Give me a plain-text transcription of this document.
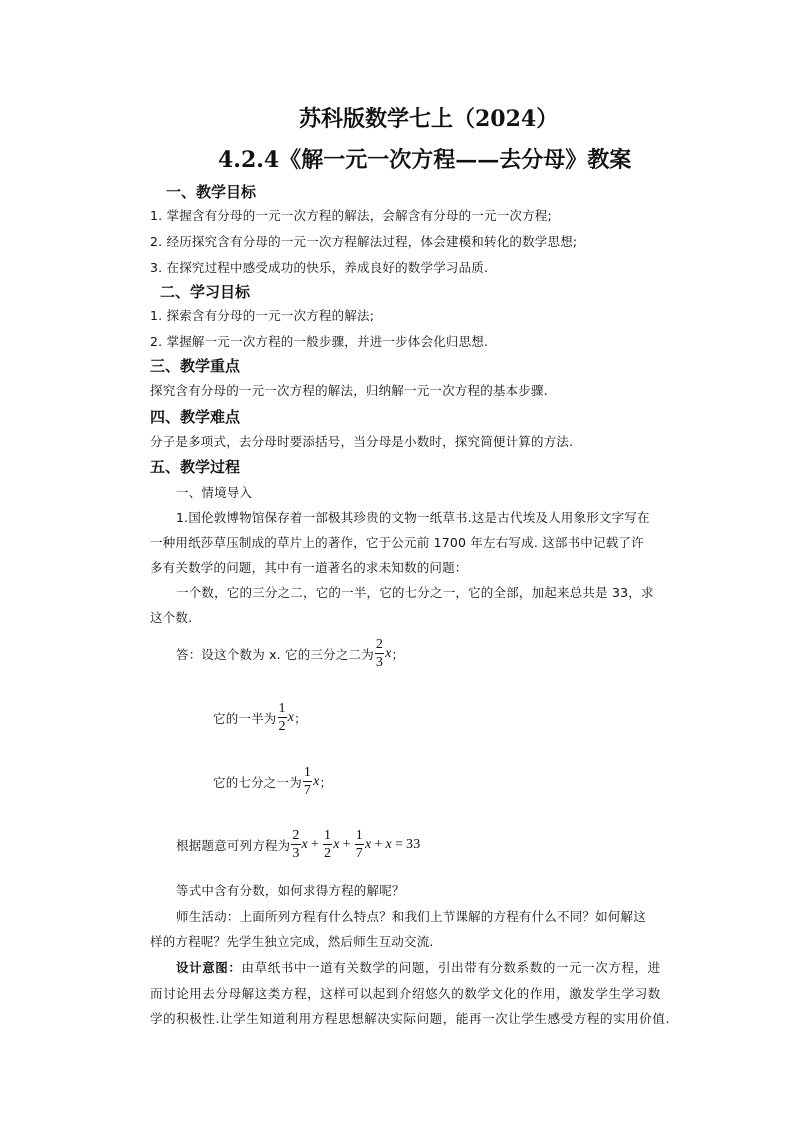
苏科版数学七上（2024）
4.2.4《解一元一次方程——去分母》教案
一、教学目标
1. 掌握含有分母的一元一次方程的解法，会解含有分母的一元一次方程;
2. 经历探究含有分母的一元一次方程解法过程，体会建模和转化的数学思想;
3. 在探究过程中感受成功的快乐，养成良好的数学学习品质.
二、学习目标
1. 探索含有分母的一元一次方程的解法;
2. 掌握解一元一次方程的一般步骤，并进一步体会化归思想.
三、教学重点
探究含有分母的一元一次方程的解法，归纳解一元一次方程的基本步骤.
四、教学难点
分子是多项式，去分母时要添括号，当分母是小数时，探究简便计算的方法.
五、教学过程
一、情境导入
1.国伦敦博物馆保存着一部极其珍贵的文物一纸草书.这是古代埃及人用象形文字写在
一种用纸莎草压制成的草片上的著作，它于公元前 1700 年左右写成. 这部书中记载了许
多有关数学的问题，其中有一道著名的求未知数的问题：
一个数，它的三分之二，它的一半，它的七分之一，它的全部，加起来总共是 33，求
这个数.
答：设这个数为 x. 它的三分之二为 $\frac{2}{3}$ x ；
它的一半为 $\frac{1}{2}$ x ；
它的七分之一为 $\frac{1}{7}$ x ；
根据题意可列方程为 $\frac{2}{3}$ $x + \frac{1}{2}$ $x + \frac{1}{7}$ x + x = 33
等式中含有分数，如何求得方程的解呢？
师生活动：上面所列方程有什么特点？和我们上节课解的方程有什么不同？如何解这
样的方程呢？先学生独立完成，然后师生互动交流.
设计意图：由草纸书中一道有关数学的问题，引出带有分数系数的一元一次方程，进
而讨论用去分母解这类方程，这样可以起到介绍悠久的数学文化的作用，激发学生学习数
学的积极性.让学生知道利用方程思想解决实际问题，能再一次让学生感受方程的实用价值.
